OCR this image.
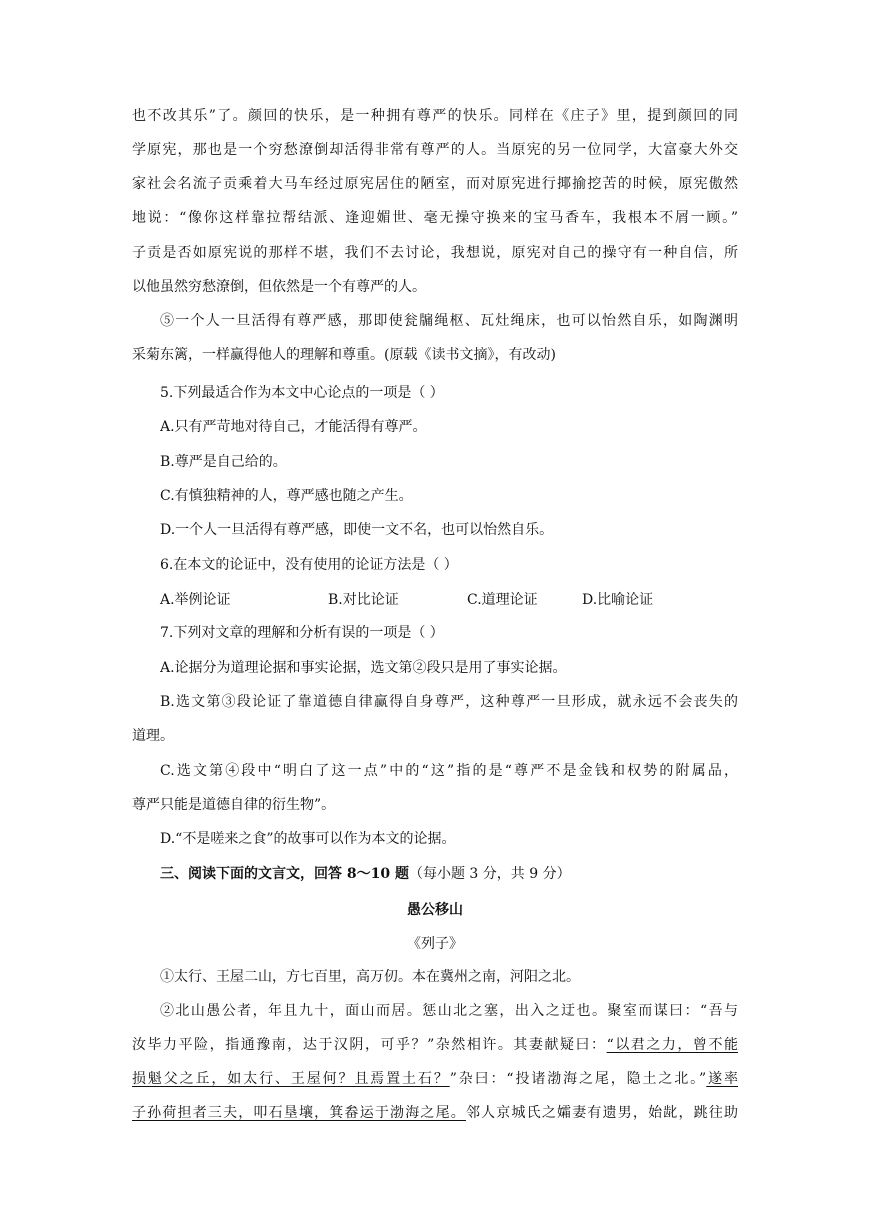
也不改其乐”了。颜回的快乐，是一种拥有尊严的快乐。同样在《庄子》里，提到颜回的同
学原宪，那也是一个穷愁潦倒却活得非常有尊严的人。当原宪的另一位同学，大富豪大外交
家社会名流子贡乘着大马车经过原宪居住的陋室，而对原宪进行揶揄挖苦的时候，原宪傲然
地说：“像你这样靠拉帮结派、逢迎媚世、毫无操守换来的宝马香车，我根本不屑一顾。”
子贡是否如原宪说的那样不堪，我们不去讨论，我想说，原宪对自己的操守有一种自信，所
以他虽然穷愁潦倒，但依然是一个有尊严的人。
⑤一个人一旦活得有尊严感，那即使瓮牖绳枢、瓦灶绳床，也可以怡然自乐，如陶渊明
采菊东篱，一样赢得他人的理解和尊重。(原载《读书文摘》，有改动)
5.下列最适合作为本文中心论点的一项是（ ）
A.只有严苛地对待自己，才能活得有尊严。
B.尊严是自己给的。
C.有慎独精神的人，尊严感也随之产生。
D.一个人一旦活得有尊严感，即使一文不名，也可以怡然自乐。
6.在本文的论证中，没有使用的论证方法是（ ）
A.举例论证	B.对比论证	C.道理论证	D.比喻论证
7.下列对文章的理解和分析有误的一项是（ ）
A.论据分为道理论据和事实论据，选文第②段只是用了事实论据。
B.选文第③段论证了靠道德自律赢得自身尊严，这种尊严一旦形成，就永远不会丧失的
道理。
C.选文第④段中“明白了这一点”中的“这”指的是“尊严不是金钱和权势的附属品，
尊严只能是道德自律的衍生物”。
D.“不是嗟来之食”的故事可以作为本文的论据。
三、阅读下面的文言文，回答 8～10 题（每小题 3 分，共 9 分）
愚公移山
《列子》
①太行、王屋二山，方七百里，高万仞。本在冀州之南，河阳之北。
②北山愚公者，年且九十，面山而居。惩山北之塞，出入之迂也。聚室而谋曰：“吾与
汝毕力平险，指通豫南，达于汉阴，可乎？”杂然相许。其妻献疑曰：“以君之力，曾不能
损魁父之丘，如太行、王屋何？且焉置土石？”杂曰：“投诸渤海之尾，隐土之北。”遂率
子孙荷担者三夫，叩石垦壤，箕畚运于渤海之尾。邻人京城氏之孀妻有遗男，始龀，跳往助
